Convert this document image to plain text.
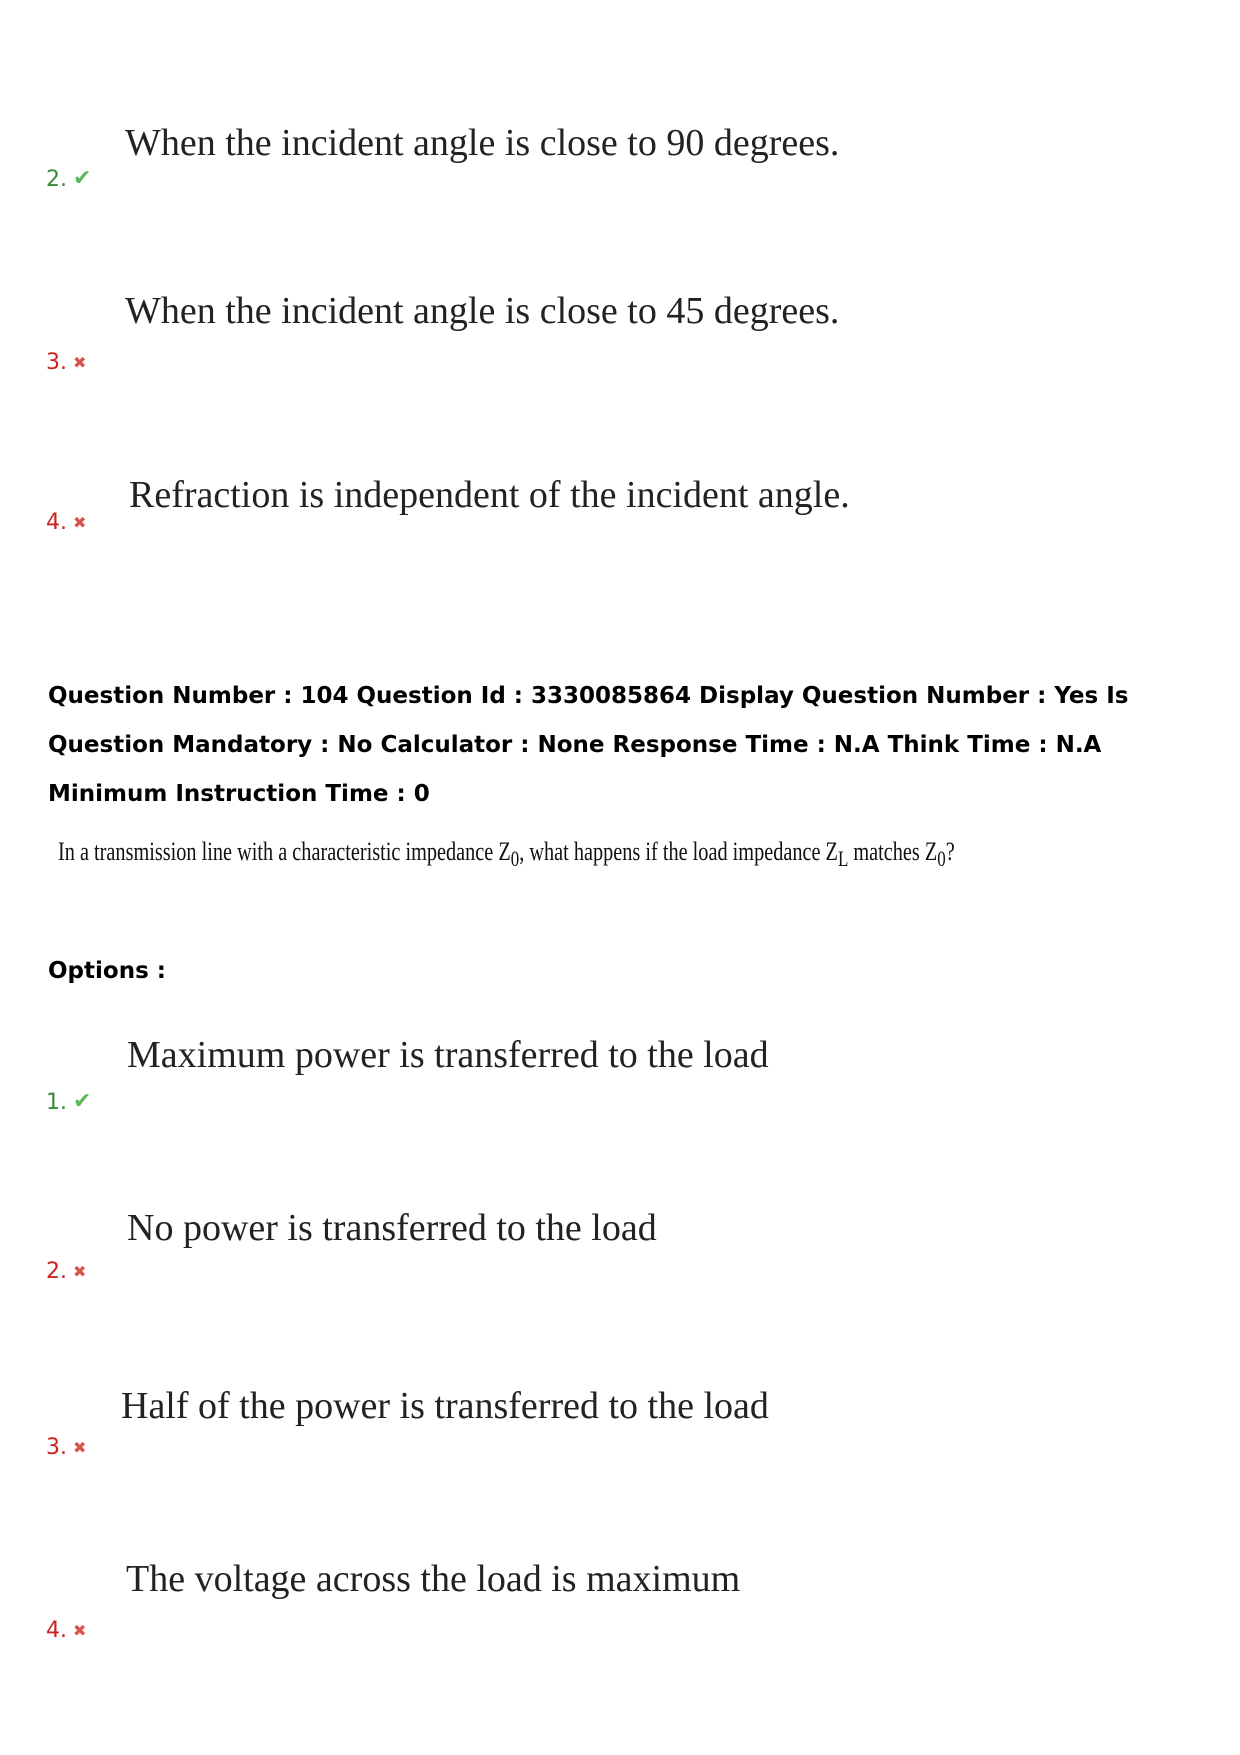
When the incident angle is close to 90 degrees.
2. ✔
When the incident angle is close to 45 degrees.
3. ✖
Refraction is independent of the incident angle.
4. ✖
Question Number : 104 Question Id : 3330085864 Display Question Number : Yes Is Question Mandatory : No Calculator : None Response Time : N.A Think Time : N.A Minimum Instruction Time : 0
In a transmission line with a characteristic impedance $Z_0$, what happens if the load impedance $Z_L$ matches $Z_0$?
Options :
Maximum power is transferred to the load
1. ✔
No power is transferred to the load
2. ✖
Half of the power is transferred to the load
3. ✖
The voltage across the load is maximum
4. ✖
